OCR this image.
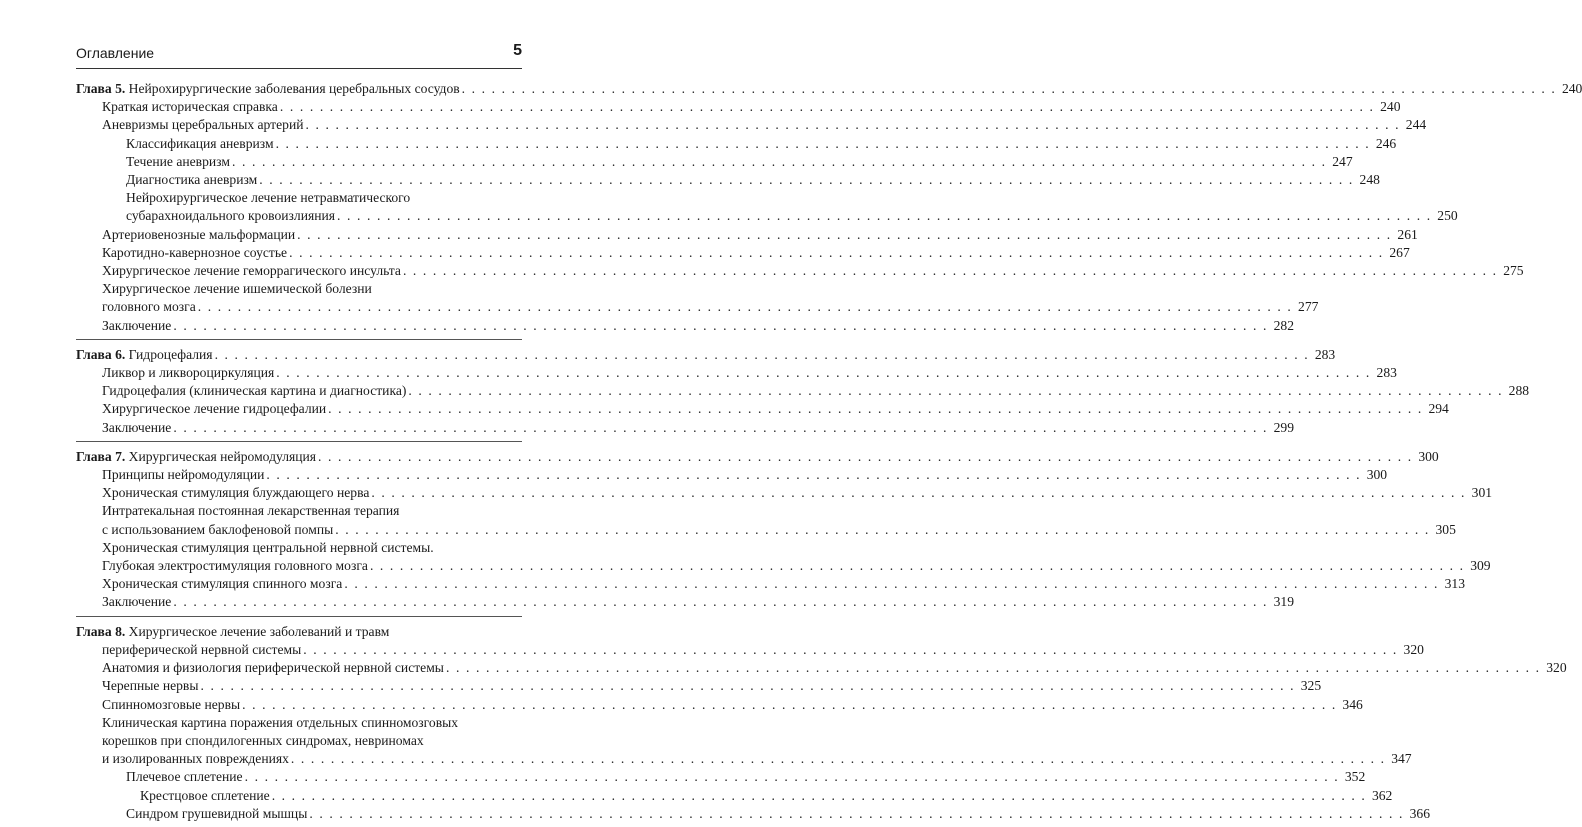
Оглавление	5
Глава 5. Нейрохирургические заболевания церебральных сосудов . . .	240
Краткая историческая справка . . .	240
Аневризмы церебральных артерий . . .	244
Классификация аневризм . . .	246
Течение аневризм . . .	247
Диагностика аневризм . . .	248
Нейрохирургическое лечение нетравматического
субарахноидального кровоизлияния . . .	250
Артериовенозные мальформации . . .	261
Каротидно-кавернозное соустье . . .	267
Хирургическое лечение геморрагического инсульта . . .	275
Хирургическое лечение ишемической болезни
головного мозга . . .	277
Заключение . . .	282
Глава 6. Гидроцефалия . . .	283
Ликвор и ликвороциркуляция . . .	283
Гидроцефалия (клиническая картина и диагностика) . . .	288
Хирургическое лечение гидроцефалии . . .	294
Заключение . . .	299
Глава 7. Хирургическая нейромодуляция . . .	300
Принципы нейромодуляции . . .	300
Хроническая стимуляция блуждающего нерва . . .	301
Интратекальная постоянная лекарственная терапия
с использованием баклофеновой помпы . . .	305
Хроническая стимуляция центральной нервной системы.
Глубокая электростимуляция головного мозга . . .	309
Хроническая стимуляция спинного мозга . . .	313
Заключение . . .	319
Глава 8. Хирургическое лечение заболеваний и травм
периферической нервной системы . . .	320
Анатомия и физиология периферической нервной системы . . .	320
Черепные нервы . . .	325
Спинномозговые нервы . . .	346
Клиническая картина поражения отдельных спинномозговых
корешков при спондилогенных синдромах, невриномах
и изолированных повреждениях . . .	347
Плечевое сплетение . . .	352
Крестцовое сплетение . . .	362
Синдром грушевидной мышцы . . .	366
